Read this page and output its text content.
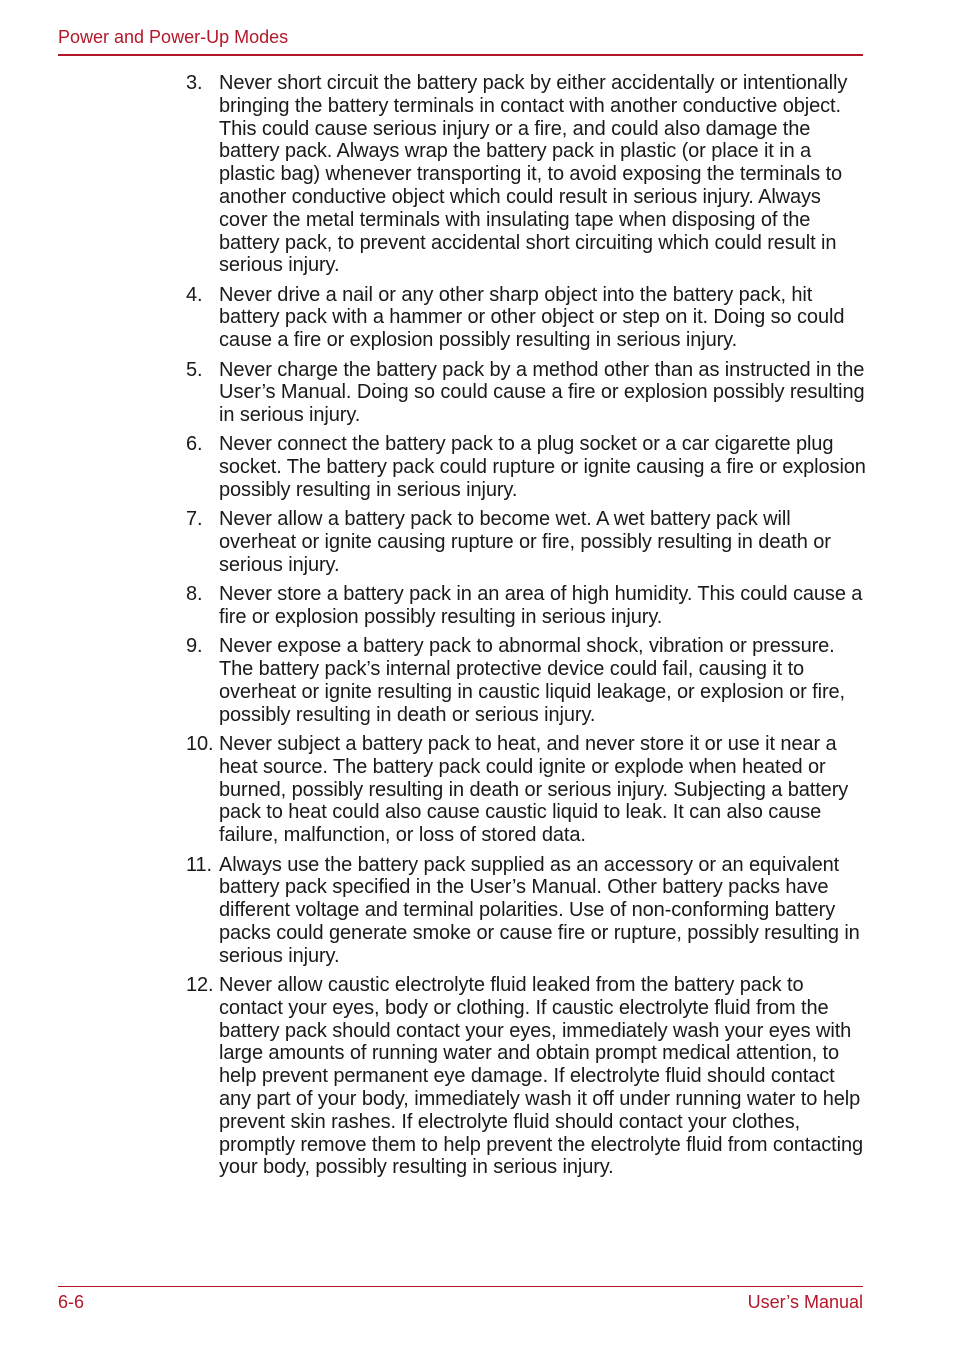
Power and Power-Up Modes
3. Never short circuit the battery pack by either accidentally or intentionally bringing the battery terminals in contact with another conductive object. This could cause serious injury or a fire, and could also damage the battery pack. Always wrap the battery pack in plastic (or place it in a plastic bag) whenever transporting it, to avoid exposing the terminals to another conductive object which could result in serious injury. Always cover the metal terminals with insulating tape when disposing of the battery pack, to prevent accidental short circuiting which could result in serious injury.
4. Never drive a nail or any other sharp object into the battery pack, hit battery pack with a hammer or other object or step on it. Doing so could cause a fire or explosion possibly resulting in serious injury.
5. Never charge the battery pack by a method other than as instructed in the User’s Manual. Doing so could cause a fire or explosion possibly resulting in serious injury.
6. Never connect the battery pack to a plug socket or a car cigarette plug socket. The battery pack could rupture or ignite causing a fire or explosion possibly resulting in serious injury.
7. Never allow a battery pack to become wet. A wet battery pack will overheat or ignite causing rupture or fire, possibly resulting in death or serious injury.
8. Never store a battery pack in an area of high humidity. This could cause a fire or explosion possibly resulting in serious injury.
9. Never expose a battery pack to abnormal shock, vibration or pressure. The battery pack’s internal protective device could fail, causing it to overheat or ignite resulting in caustic liquid leakage, or explosion or fire, possibly resulting in death or serious injury.
10. Never subject a battery pack to heat, and never store it or use it near a heat source. The battery pack could ignite or explode when heated or burned, possibly resulting in death or serious injury. Subjecting a battery pack to heat could also cause caustic liquid to leak. It can also cause failure, malfunction, or loss of stored data.
11. Always use the battery pack supplied as an accessory or an equivalent battery pack specified in the User’s Manual. Other battery packs have different voltage and terminal polarities. Use of non-conforming battery packs could generate smoke or cause fire or rupture, possibly resulting in serious injury.
12. Never allow caustic electrolyte fluid leaked from the battery pack to contact your eyes, body or clothing. If caustic electrolyte fluid from the battery pack should contact your eyes, immediately wash your eyes with large amounts of running water and obtain prompt medical attention, to help prevent permanent eye damage. If electrolyte fluid should contact any part of your body, immediately wash it off under running water to help prevent skin rashes. If electrolyte fluid should contact your clothes, promptly remove them to help prevent the electrolyte fluid from contacting your body, possibly resulting in serious injury.
6-6	User’s Manual
